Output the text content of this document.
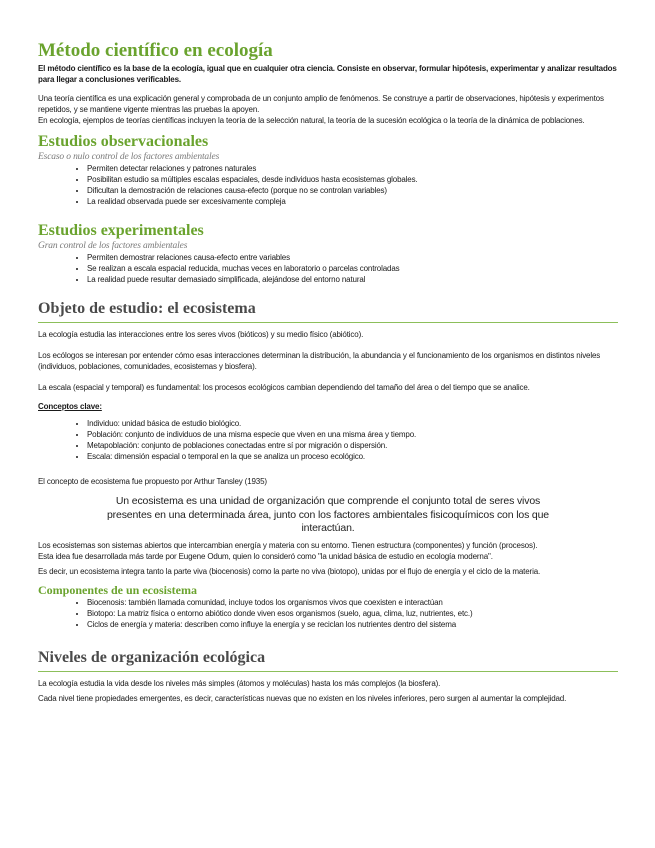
Método científico en ecología

El método científico es la base de la ecología, igual que en cualquier otra ciencia. Consiste en observar, formular hipótesis, experimentar y analizar resultados para llegar a conclusiones verificables.

Una teoría científica es una explicación general y comprobada de un conjunto amplio de fenómenos. Se construye a partir de observaciones, hipótesis y experimentos repetidos, y se mantiene vigente mientras las pruebas la apoyen.

En ecología, ejemplos de teorías científicas incluyen la teoría de la selección natural, la teoría de la sucesión ecológica o la teoría de la dinámica de poblaciones.

Estudios observacionales

Escaso o nulo control de los factores ambientales

• Permiten detectar relaciones y patrones naturales
• Posibilitan estudio sa múltiples escalas espaciales, desde individuos hasta ecosistemas globales.
• Dificultan la demostración de relaciones causa-efecto (porque no se controlan variables)
• La realidad observada puede ser excesivamente compleja
Estudios experimentales

Gran control de los factores ambientales

• Permiten demostrar relaciones causa-efecto entre variables
• Se realizan a escala espacial reducida, muchas veces en laboratorio o parcelas controladas
• La realidad puede resultar demasiado simplificada, alejándose del entorno natural
Objeto de estudio: el ecosistema

La ecología estudia las interacciones entre los seres vivos (bióticos) y su medio físico (abiótico).

Los ecólogos se interesan por entender cómo esas interacciones determinan la distribución, la abundancia y el funcionamiento de los organismos en distintos niveles (individuos, poblaciones, comunidades, ecosistemas y biosfera).

La escala (espacial y temporal) es fundamental: los procesos ecológicos cambian dependiendo del tamaño del área o del tiempo que se analice.

Conceptos clave:

• Individuo: unidad básica de estudio biológico.
• Población: conjunto de individuos de una misma especie que viven en una misma área y tiempo.
• Metapoblación: conjunto de poblaciones conectadas entre sí por migración o dispersión.
• Escala: dimensión espacial o temporal en la que se analiza un proceso ecológico.

El concepto de ecosistema fue propuesto por Arthur Tansley (1935)

Un ecosistema es una unidad de organización que comprende el conjunto total de seres vivos presentes en una determinada área, junto con los factores ambientales fisicoquímicos con los que interactúan.

Los ecosistemas son sistemas abiertos que intercambian energía y materia con su entorno. Tienen estructura (componentes) y función (procesos).

Esta idea fue desarrollada más tarde por Eugene Odum, quien lo consideró como "la unidad básica de estudio en ecología moderna".

Es decir, un ecosistema integra tanto la parte viva (biocenosis) como la parte no viva (biotopo), unidas por el flujo de energía y el ciclo de la materia.

Componentes de un ecosistema
• Biocenosis: también llamada comunidad, incluye todos los organismos vivos que coexisten e interactúan
• Biotopo: La matriz física o entorno abiótico donde viven esos organismos (suelo, agua, clima, luz, nutrientes, etc.)
• Ciclos de energía y materia: describen como influye la energía y se reciclan los nutrientes dentro del sistema
Niveles de organización ecológica

La ecología estudia la vida desde los niveles más simples (átomos y moléculas) hasta los más complejos (la biosfera).

Cada nivel tiene propiedades emergentes, es decir, características nuevas que no existen en los niveles inferiores, pero surgen al aumentar la complejidad.
